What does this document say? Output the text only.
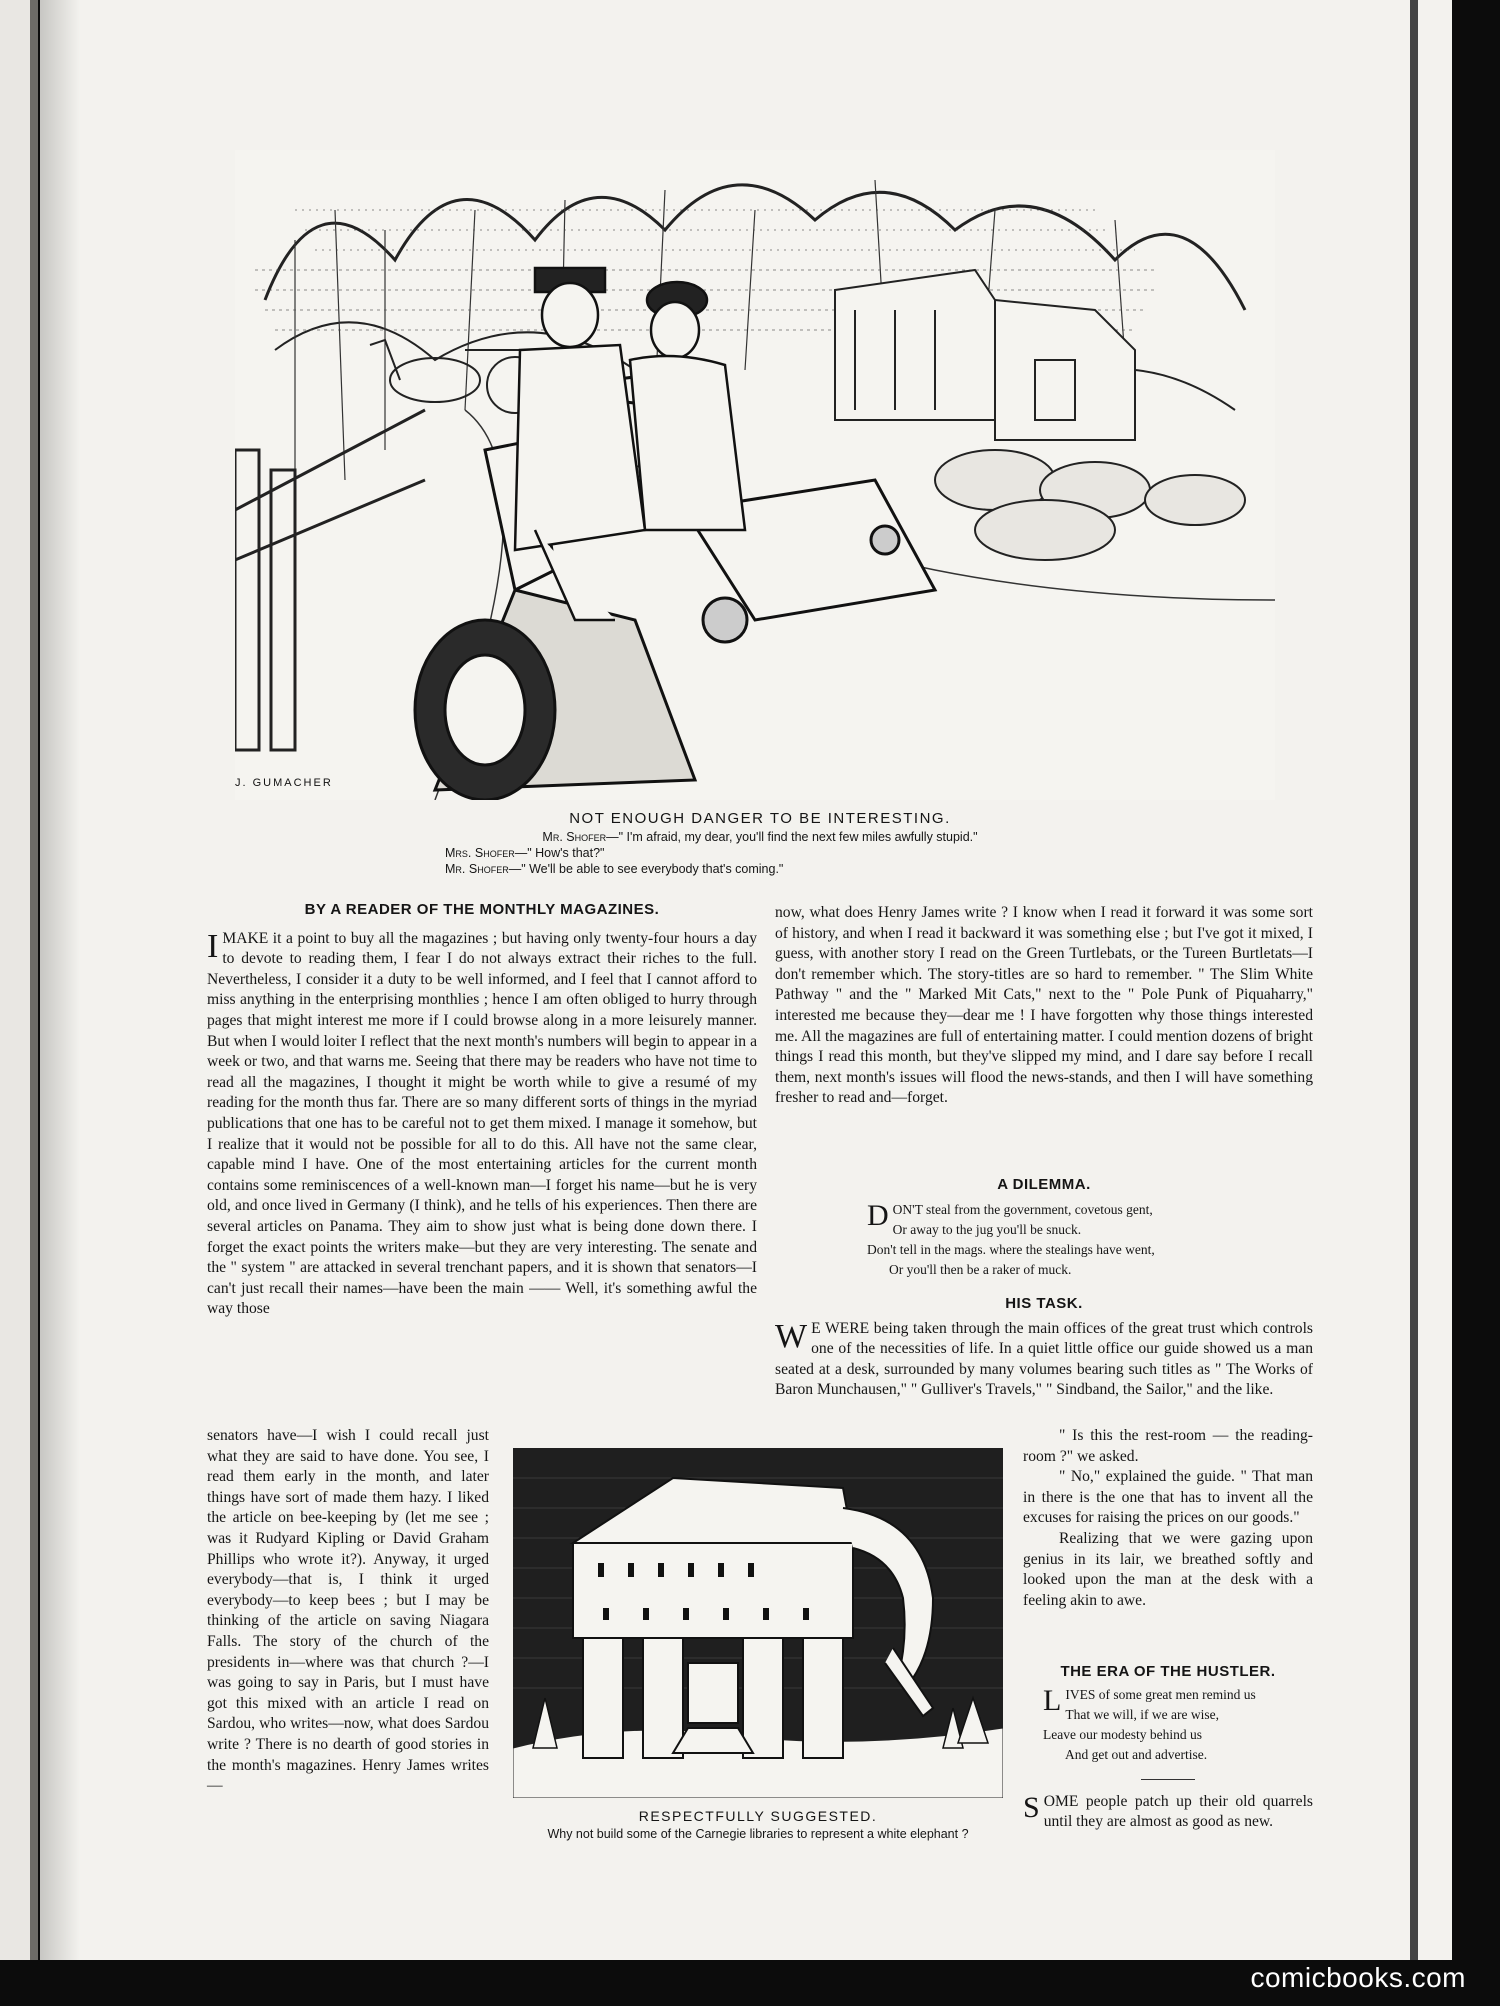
J. GUMACHER
NOT ENOUGH DANGER TO BE INTERESTING.
Mr. Shofer—" I'm afraid, my dear, you'll find the next few miles awfully stupid."
Mrs. Shofer—" How's that?"
Mr. Shofer—" We'll be able to see everybody that's coming."
BY A READER OF THE MONTHLY MAGAZINES.
IMAKE it a point to buy all the magazines ; but having only twenty-four hours a day to devote to reading them, I fear I do not always extract their riches to the full. Nevertheless, I consider it a duty to be well informed, and I feel that I cannot afford to miss anything in the enterprising monthlies ; hence I am often obliged to hurry through pages that might interest me more if I could browse along in a more leisurely manner. But when I would loiter I reflect that the next month's numbers will begin to appear in a week or two, and that warns me. Seeing that there may be readers who have not time to read all the magazines, I thought it might be worth while to give a resumé of my reading for the month thus far. There are so many different sorts of things in the myriad publications that one has to be careful not to get them mixed. I manage it somehow, but I realize that it would not be possible for all to do this. All have not the same clear, capable mind I have. One of the most entertaining articles for the current month contains some reminiscences of a well-known man—I forget his name—but he is very old, and once lived in Germany (I think), and he tells of his experiences. Then there are several articles on Panama. They aim to show just what is being done down there. I forget the exact points the writers make—but they are very interesting. The senate and the " system " are attacked in several trenchant papers, and it is shown that senators—I can't just recall their names—have been the main —— Well, it's something awful the way those
senators have—I wish I could recall just what they are said to have done. You see, I read them early in the month, and later things have sort of made them hazy. I liked the article on bee-keeping by (let me see ; was it Rudyard Kipling or David Graham Phillips who wrote it?). Anyway, it urged everybody—that is, I think it urged everybody—to keep bees ; but I may be thinking of the article on saving Niagara Falls. The story of the church of the presidents in—where was that church ?—I was going to say in Paris, but I must have got this mixed with an article I read on Sardou, who writes—now, what does Sardou write ? There is no dearth of good stories in the month's magazines. Henry James writes—
now, what does Henry James write ? I know when I read it forward it was some sort of history, and when I read it backward it was something else ; but I've got it mixed, I guess, with another story I read on the Green Turtlebats, or the Tureen Burtletats—I don't remember which. The story-titles are so hard to remember. " The Slim White Pathway " and the " Marked Mit Cats," next to the " Pole Punk of Piquaharry," interested me because they—dear me ! I have forgotten why those things interested me. All the magazines are full of entertaining matter. I could mention dozens of bright things I read this month, but they've slipped my mind, and I dare say before I recall them, next month's issues will flood the news-stands, and then I will have something fresher to read and—forget.
A DILEMMA.
DON'T steal from the government, covetous gent,
Or away to the jug you'll be snuck.
Don't tell in the mags. where the stealings have went,
Or you'll then be a raker of muck.
HIS TASK.
W E WERE being taken through the main offices of the great trust which controls one of the necessities of life. In a quiet little office our guide showed us a man seated at a desk, surrounded by many volumes bearing such titles as " The Works of Baron Munchausen," " Gulliver's Travels," " Sindband, the Sailor," and the like.
" Is this the rest-room — the reading-room ?" we asked.
" No," explained the guide. " That man in there is the one that has to invent all the excuses for raising the prices on our goods."
Realizing that we were gazing upon genius in its lair, we breathed softly and looked upon the man at the desk with a feeling akin to awe.
THE ERA OF THE HUSTLER.
LIVES of some great men remind us
That we will, if we are wise,
Leave our modesty behind us
And get out and advertise.
SOME people patch up their old quarrels until they are almost as good as new.
RESPECTFULLY SUGGESTED.
Why not build some of the Carnegie libraries to represent a white elephant ?
comicbooks.com
